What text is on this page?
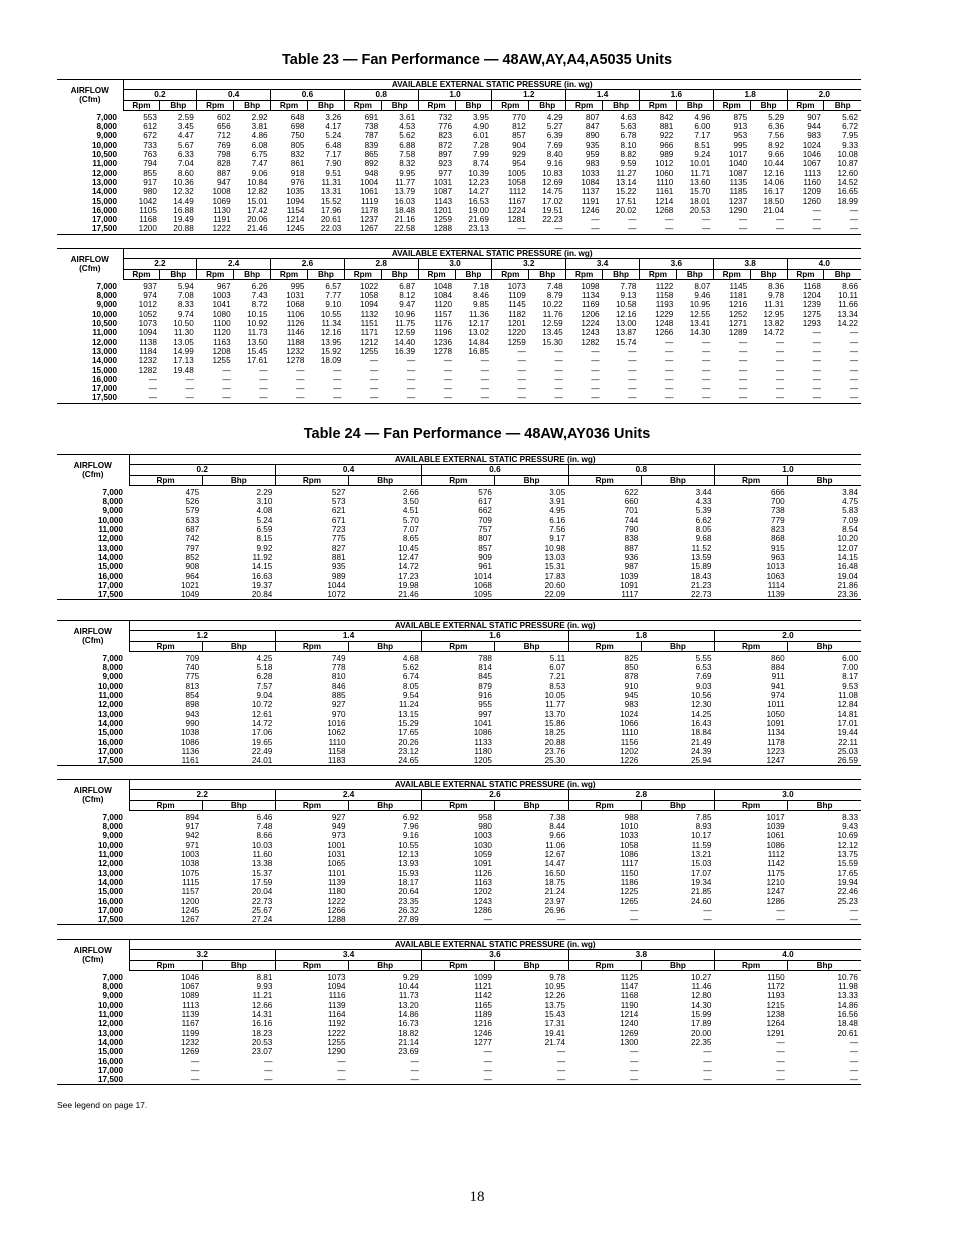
Table 23 — Fan Performance — 48AW,AY,A4,A5035 Units
AIRFLOW
(Cfm)	AVAILABLE EXTERNAL STATIC PRESSURE (in. wg)																			
	0.2		0.4		0.6		0.8		1.0		1.2		1.4		1.6		1.8		2.0	
	Rpm	Bhp	Rpm	Bhp	Rpm	Bhp	Rpm	Bhp	Rpm	Bhp	Rpm	Bhp	Rpm	Bhp	Rpm	Bhp	Rpm	Bhp	Rpm	Bhp

7,000	553	2.59	602	2.92	648	3.26	691	3.61	732	3.95	770	4.29	807	4.63	842	4.96	875	5.29	907	5.62
8,000	612	3.45	656	3.81	698	4.17	738	4.53	776	4.90	812	5.27	847	5.63	881	6.00	913	6.36	944	6.72
9,000	672	4.47	712	4.86	750	5.24	787	5.62	823	6.01	857	6.39	890	6.78	922	7.17	953	7.56	983	7.95
10,000	733	5.67	769	6.08	805	6.48	839	6.88	872	7.28	904	7.69	935	8.10	966	8.51	995	8.92	1024	9.33
10,500	763	6.33	798	6.75	832	7.17	865	7.58	897	7.99	929	8.40	959	8.82	989	9.24	1017	9.66	1046	10.08
11,000	794	7.04	828	7.47	861	7.90	892	8.32	923	8.74	954	9.16	983	9.59	1012	10.01	1040	10.44	1067	10.87
12,000	855	8.60	887	9.06	918	9.51	948	9.95	977	10.39	1005	10.83	1033	11.27	1060	11.71	1087	12.16	1113	12.60
13,000	917	10.36	947	10.84	976	11.31	1004	11.77	1031	12.23	1058	12.69	1084	13.14	1110	13.60	1135	14.06	1160	14.52
14,000	980	12.32	1008	12.82	1035	13.31	1061	13.79	1087	14.27	1112	14.75	1137	15.22	1161	15.70	1185	16.17	1209	16.65
15,000	1042	14.49	1069	15.01	1094	15.52	1119	16.03	1143	16.53	1167	17.02	1191	17.51	1214	18.01	1237	18.50	1260	18.99
16,000	1105	16.88	1130	17.42	1154	17.96	1178	18.48	1201	19.00	1224	19.51	1246	20.02	1268	20.53	1290	21.04	—	—
17,000	1168	19.49	1191	20.06	1214	20.61	1237	21.16	1259	21.69	1281	22.23	—	—	—	—	—	—	—	—
17,500	1200	20.88	1222	21.46	1245	22.03	1267	22.58	1288	23.13	—	—	—	—	—	—	—	—	—	—
AIRFLOW
(Cfm)	AVAILABLE EXTERNAL STATIC PRESSURE (in. wg)																			
	2.2		2.4		2.6		2.8		3.0		3.2		3.4		3.6		3.8		4.0	
	Rpm	Bhp	Rpm	Bhp	Rpm	Bhp	Rpm	Bhp	Rpm	Bhp	Rpm	Bhp	Rpm	Bhp	Rpm	Bhp	Rpm	Bhp	Rpm	Bhp

7,000	937	5.94	967	6.26	995	6.57	1022	6.87	1048	7.18	1073	7.48	1098	7.78	1122	8.07	1145	8.36	1168	8.66
8,000	974	7.08	1003	7.43	1031	7.77	1058	8.12	1084	8.46	1109	8.79	1134	9.13	1158	9.46	1181	9.78	1204	10.11
9,000	1012	8.33	1041	8.72	1068	9.10	1094	9.47	1120	9.85	1145	10.22	1169	10.58	1193	10.95	1216	11.31	1239	11.66
10,000	1052	9.74	1080	10.15	1106	10.55	1132	10.96	1157	11.36	1182	11.76	1206	12.16	1229	12.55	1252	12.95	1275	13.34
10,500	1073	10.50	1100	10.92	1126	11.34	1151	11.75	1176	12.17	1201	12.59	1224	13.00	1248	13.41	1271	13.82	1293	14.22
11,000	1094	11.30	1120	11.73	1146	12.16	1171	12.59	1196	13.02	1220	13.45	1243	13.87	1266	14.30	1289	14.72	—	—
12,000	1138	13.05	1163	13.50	1188	13.95	1212	14.40	1236	14.84	1259	15.30	1282	15.74	—	—	—	—	—	—
13,000	1184	14.99	1208	15.45	1232	15.92	1255	16.39	1278	16.85	—	—	—	—	—	—	—	—	—	—
14,000	1232	17.13	1255	17.61	1278	18.09	—	—	—	—	—	—	—	—	—	—	—	—	—	—
15,000	1282	19.48	—	—	—	—	—	—	—	—	—	—	—	—	—	—	—	—	—	—
16,000	—	—	—	—	—	—	—	—	—	—	—	—	—	—	—	—	—	—	—	—
17,000	—	—	—	—	—	—	—	—	—	—	—	—	—	—	—	—	—	—	—	—
17,500	—	—	—	—	—	—	—	—	—	—	—	—	—	—	—	—	—	—	—	—
Table 24 — Fan Performance — 48AW,AY036 Units
AIRFLOW
(Cfm)	AVAILABLE EXTERNAL STATIC PRESSURE (in. wg)									
	0.2		0.4		0.6		0.8		1.0	
	Rpm	Bhp	Rpm	Bhp	Rpm	Bhp	Rpm	Bhp	Rpm	Bhp

7,000	475	2.29	527	2.66	576	3.05	622	3.44	666	3.84
8,000	526	3.10	573	3.50	617	3.91	660	4.33	700	4.75
9,000	579	4.08	621	4.51	662	4.95	701	5.39	738	5.83
10,000	633	5.24	671	5.70	709	6.16	744	6.62	779	7.09
11,000	687	6.59	723	7.07	757	7.56	790	8.05	823	8.54
12,000	742	8.15	775	8.65	807	9.17	838	9.68	868	10.20
13,000	797	9.92	827	10.45	857	10.98	887	11.52	915	12.07
14,000	852	11.92	881	12.47	909	13.03	936	13.59	963	14.15
15,000	908	14.15	935	14.72	961	15.31	987	15.89	1013	16.48
16,000	964	16.63	989	17.23	1014	17.83	1039	18.43	1063	19.04
17,000	1021	19.37	1044	19.98	1068	20.60	1091	21.23	1114	21.86
17,500	1049	20.84	1072	21.46	1095	22.09	1117	22.73	1139	23.36
AIRFLOW
(Cfm)	AVAILABLE EXTERNAL STATIC PRESSURE (in. wg)									
	1.2		1.4		1.6		1.8		2.0	
	Rpm	Bhp	Rpm	Bhp	Rpm	Bhp	Rpm	Bhp	Rpm	Bhp

7,000	709	4.25	749	4.68	788	5.11	825	5.55	860	6.00
8,000	740	5.18	778	5.62	814	6.07	850	6.53	884	7.00
9,000	775	6.28	810	6.74	845	7.21	878	7.69	911	8.17
10,000	813	7.57	846	8.05	879	8.53	910	9.03	941	9.53
11,000	854	9.04	885	9.54	916	10.05	945	10.56	974	11.08
12,000	898	10.72	927	11.24	955	11.77	983	12.30	1011	12.84
13,000	943	12.61	970	13.15	997	13.70	1024	14.25	1050	14.81
14,000	990	14.72	1016	15.29	1041	15.86	1066	16.43	1091	17.01
15,000	1038	17.06	1062	17.65	1086	18.25	1110	18.84	1134	19.44
16,000	1086	19.65	1110	20.26	1133	20.88	1156	21.49	1178	22.11
17,000	1136	22.49	1158	23.12	1180	23.76	1202	24.39	1223	25.03
17,500	1161	24.01	1183	24.65	1205	25.30	1226	25.94	1247	26.59
AIRFLOW
(Cfm)	AVAILABLE EXTERNAL STATIC PRESSURE (in. wg)									
	2.2		2.4		2.6		2.8		3.0	
	Rpm	Bhp	Rpm	Bhp	Rpm	Bhp	Rpm	Bhp	Rpm	Bhp

7,000	894	6.46	927	6.92	958	7.38	988	7.85	1017	8.33
8,000	917	7.48	949	7.96	980	8.44	1010	8.93	1039	9.43
9,000	942	8.66	973	9.16	1003	9.66	1033	10.17	1061	10.69
10,000	971	10.03	1001	10.55	1030	11.06	1058	11.59	1086	12.12
11,000	1003	11.60	1031	12.13	1059	12.67	1086	13.21	1112	13.75
12,000	1038	13.38	1065	13.93	1091	14.47	1117	15.03	1142	15.59
13,000	1075	15.37	1101	15.93	1126	16.50	1150	17.07	1175	17.65
14,000	1115	17.59	1139	18.17	1163	18.75	1186	19.34	1210	19.94
15,000	1157	20.04	1180	20.64	1202	21.24	1225	21.85	1247	22.46
16,000	1200	22.73	1222	23.35	1243	23.97	1265	24.60	1286	25.23
17,000	1245	25.67	1266	26.32	1286	26.96	—	—	—	—
17,500	1267	27.24	1288	27.89	—	—	—	—	—	—
AIRFLOW
(Cfm)	AVAILABLE EXTERNAL STATIC PRESSURE (in. wg)									
	3.2		3.4		3.6		3.8		4.0	
	Rpm	Bhp	Rpm	Bhp	Rpm	Bhp	Rpm	Bhp	Rpm	Bhp

7,000	1046	8.81	1073	9.29	1099	9.78	1125	10.27	1150	10.76
8,000	1067	9.93	1094	10.44	1121	10.95	1147	11.46	1172	11.98
9,000	1089	11.21	1116	11.73	1142	12.26	1168	12.80	1193	13.33
10,000	1113	12.66	1139	13.20	1165	13.75	1190	14.30	1215	14.86
11,000	1139	14.31	1164	14.86	1189	15.43	1214	15.99	1238	16.56
12,000	1167	16.16	1192	16.73	1216	17.31	1240	17.89	1264	18.48
13,000	1199	18.23	1222	18.82	1246	19.41	1269	20.00	1291	20.61
14,000	1232	20.53	1255	21.14	1277	21.74	1300	22.35	—	—
15,000	1269	23.07	1290	23.69	—	—	—	—	—	—
16,000	—	—	—	—	—	—	—	—	—	—
17,000	—	—	—	—	—	—	—	—	—	—
17,500	—	—	—	—	—	—	—	—	—	—
See legend on page 17.
18
